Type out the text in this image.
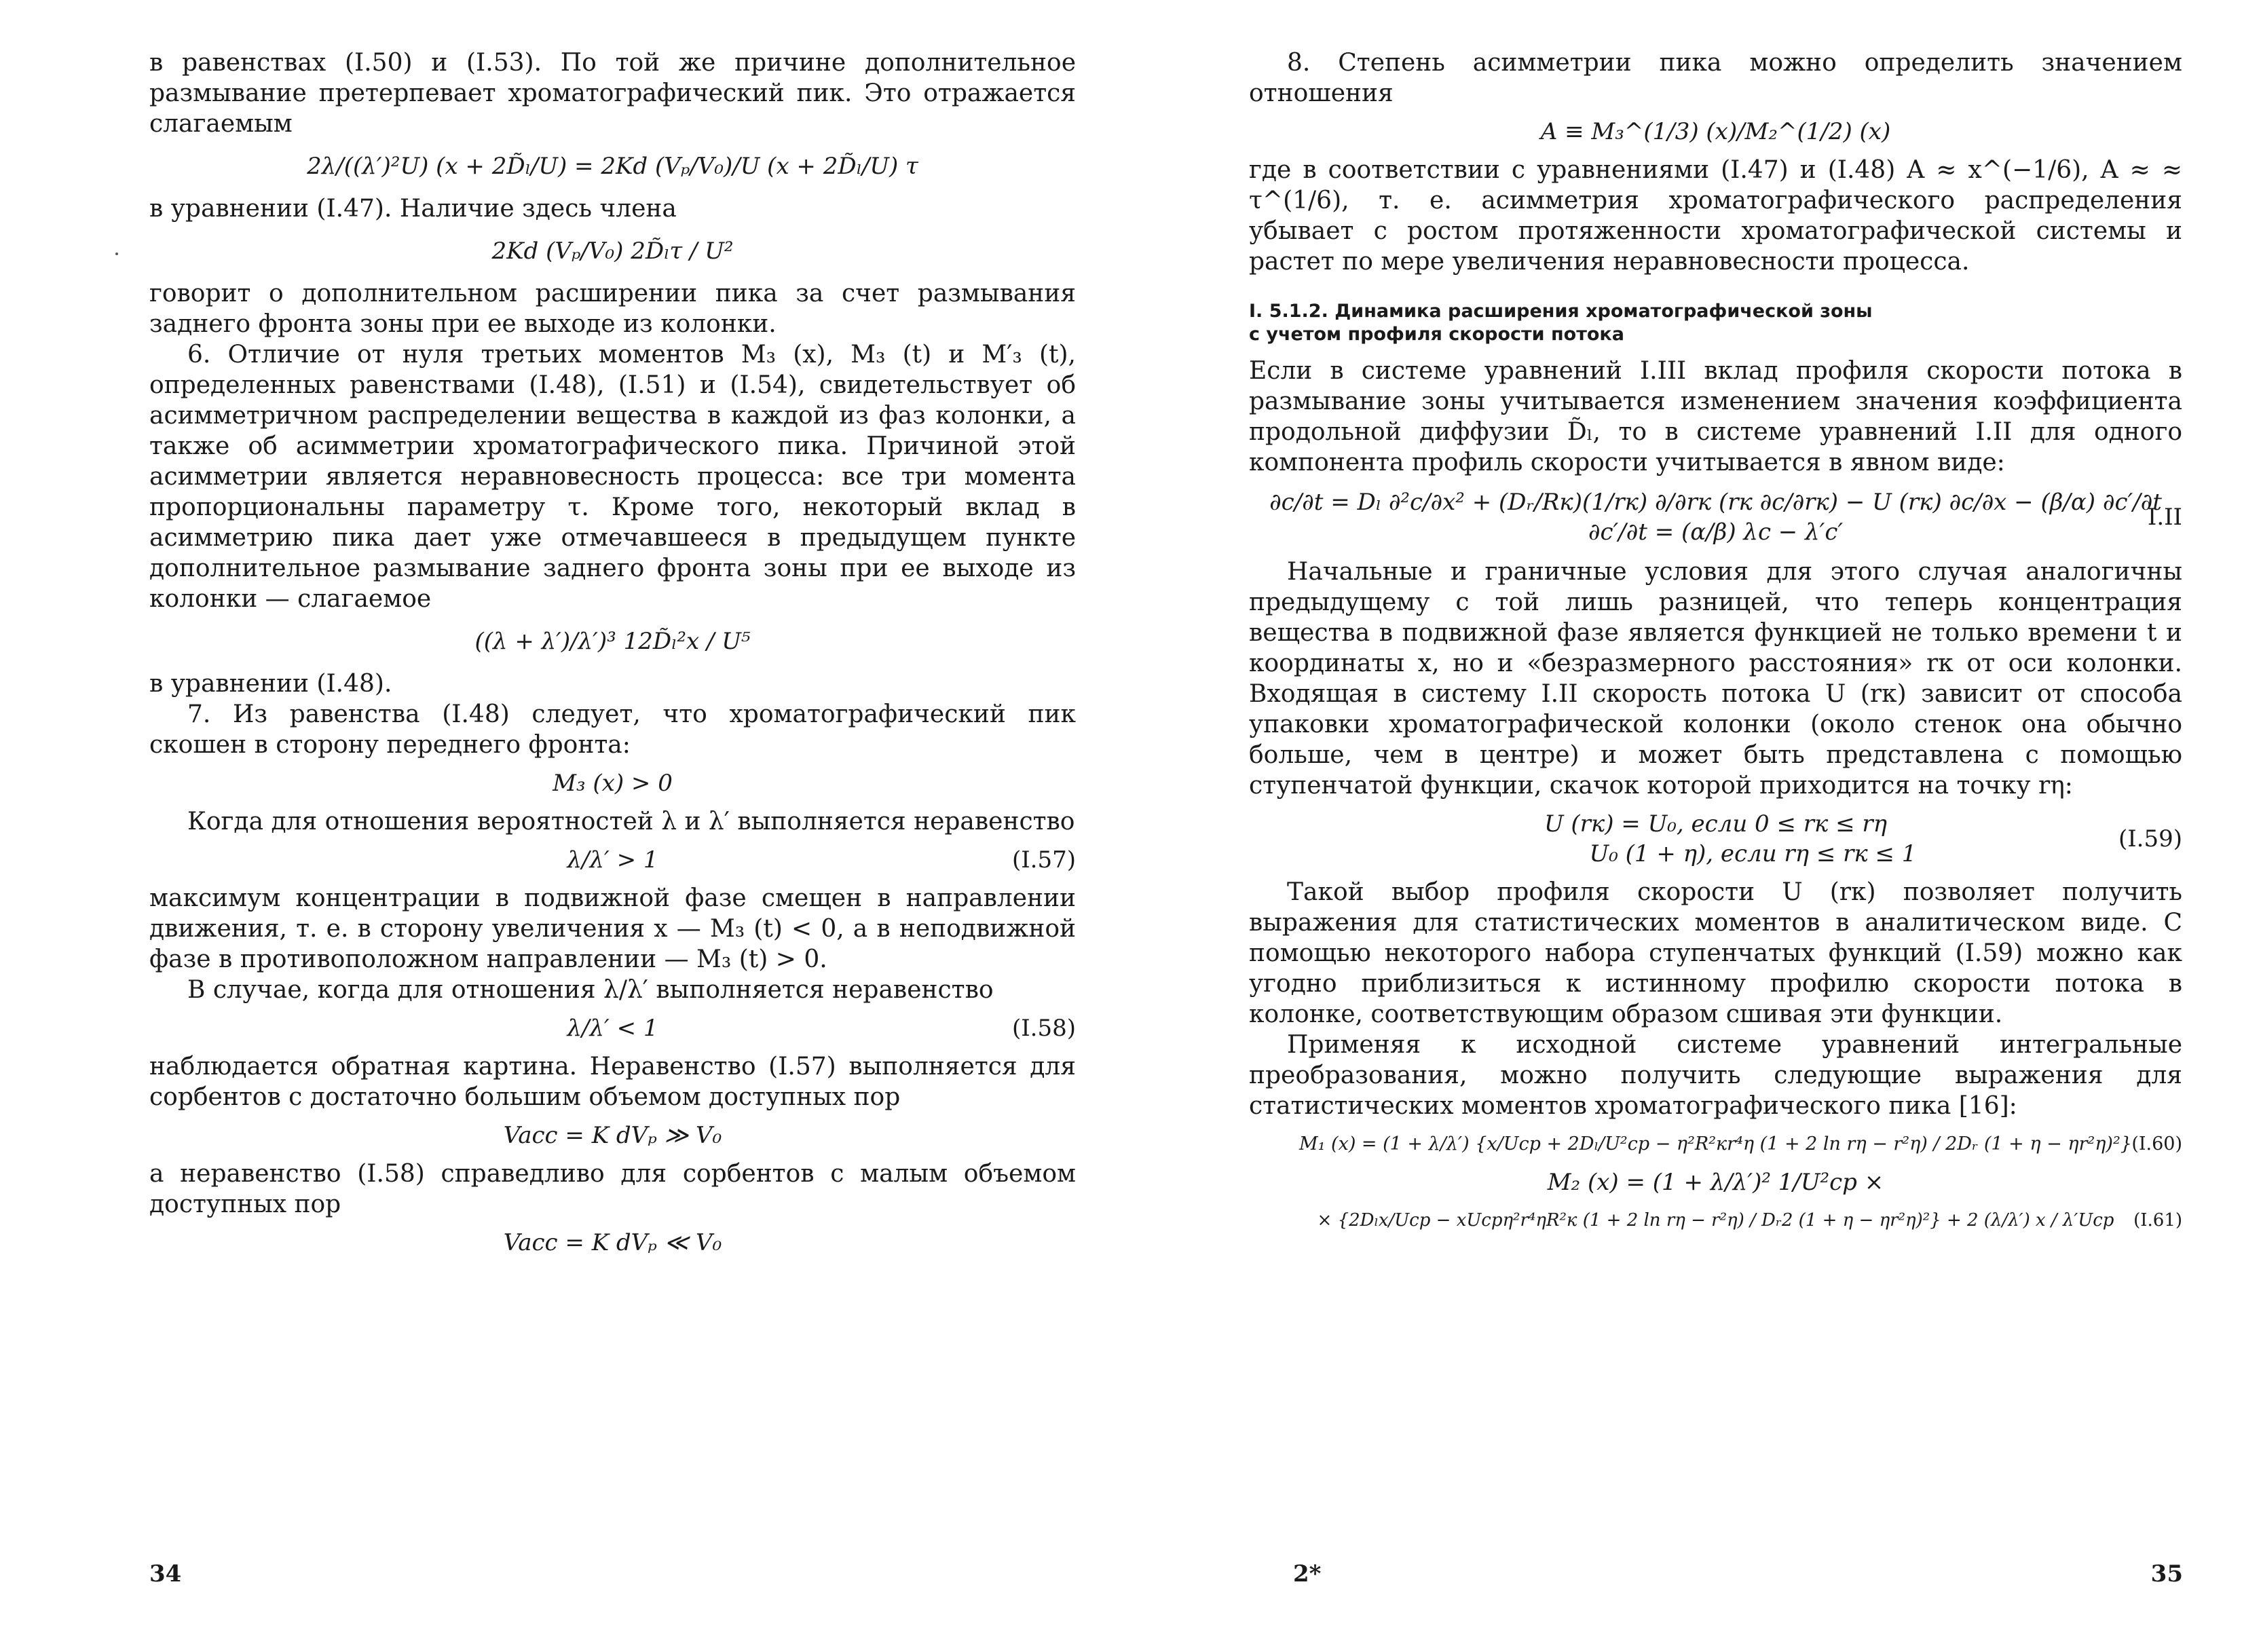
в равенствах (I.50) и (I.53). По той же причине дополнительное размывание претерпевает хроматографический пик. Это отражается слагаемым

2λ/((λ′)²U) (x + 2D̃ₗ/U) = 2Kd (Vₚ/V₀)/U (x + 2D̃ₗ/U) τ

в уравнении (I.47). Наличие здесь члена

2Kd (Vₚ/V₀) 2D̃ₗτ / U²

говорит о дополнительном расширении пика за счет размывания заднего фронта зоны при ее выходе из колонки.

6. Отличие от нуля третьих моментов M₃ (x), M₃ (t) и M′₃ (t), определенных равенствами (I.48), (I.51) и (I.54), свидетельствует об асимметричном распределении вещества в каждой из фаз колонки, а также об асимметрии хроматографического пика. Причиной этой асимметрии является неравновесность процесса: все три момента пропорциональны параметру τ. Кроме того, некоторый вклад в асимметрию пика дает уже отмечавшееся в предыдущем пункте дополнительное размывание заднего фронта зоны при ее выходе из колонки — слагаемое

((λ + λ′)/λ′)³ 12D̃ₗ²x / U⁵

в уравнении (I.48).

7. Из равенства (I.48) следует, что хроматографический пик скошен в сторону переднего фронта:

M₃ (x) > 0

Когда для отношения вероятностей λ и λ′ выполняется неравенство

λ/λ′ > 1	(I.57)

максимум концентрации в подвижной фазе смещен в направлении движения, т. е. в сторону увеличения x — M₃ (t) < 0, а в неподвижной фазе в противоположном направлении — M₃ (t) > 0.

В случае, когда для отношения λ/λ′ выполняется неравенство

λ/λ′ < 1	(I.58)

наблюдается обратная картина. Неравенство (I.57) выполняется для сорбентов с достаточно большим объемом доступных пор

Vacc = K dVₚ ≫ V₀

а неравенство (I.58) справедливо для сорбентов с малым объемом доступных пор

Vacc = K dVₚ ≪ V₀
34

8. Степень асимметрии пика можно определить значением отношения

A ≡ M₃^(1/3) (x)/M₂^(1/2) (x)

где в соответствии с уравнениями (I.47) и (I.48) A ≈ x^(−1/6), A ≈ ≈ τ^(1/6), т. е. асимметрия хроматографического распределения убывает с ростом протяженности хроматографической системы и растет по мере увеличения неравновесности процесса.

I. 5.1.2. Динамика расширения хроматографической зоны
с учетом профиля скорости потока

Если в системе уравнений I.III вклад профиля скорости потока в размывание зоны учитывается изменением значения коэффициента продольной диффузии D̃ₗ, то в системе уравнений I.II для одного компонента профиль скорости учитывается в явном виде:

∂c/∂t = Dₗ ∂²c/∂x² + (Dᵣ/Rк)(1/rк) ∂/∂rк (rк ∂c/∂rк) − U (rк) ∂c/∂x − (β/α) ∂c′/∂t
∂c′/∂t = (α/β) λc − λ′c′
I.II

Начальные и граничные условия для этого случая аналогичны предыдущему с той лишь разницей, что теперь концентрация вещества в подвижной фазе является функцией не только времени t и координаты x, но и «безразмерного расстояния» rк от оси колонки. Входящая в систему I.II скорость потока U (rк) зависит от способа упаковки хроматографической колонки (около стенок она обычно больше, чем в центре) и может быть представлена с помощью ступенчатой функции, скачок которой приходится на точку rη:

U (rк) = U₀, если 0 ≤ rк ≤ rη
U₀ (1 + η), если rη ≤ rк ≤ 1
(I.59)

Такой выбор профиля скорости U (rк) позволяет получить выражения для статистических моментов в аналитическом виде. С помощью некоторого набора ступенчатых функций (I.59) можно как угодно приблизиться к истинному профилю скорости потока в колонке, соответствующим образом сшивая эти функции.

Применяя к исходной системе уравнений интегральные преобразования, можно получить следующие выражения для статистических моментов хроматографического пика [16]:

M₁ (x) = (1 + λ/λ′) {x/Uср + 2Dₗ/U²ср − η²R²кr⁴η (1 + 2 ln rη − r²η) / 2Dᵣ (1 + η − ηr²η)²} (I.60)
M₂ (x) = (1 + λ/λ′)² 1/U²ср ×
× {2Dₗx/Uср − xUсрη²r⁴ηR²к (1 + 2 ln rη − r²η) / Dᵣ2 (1 + η − ηr²η)²} + 2 (λ/λ′) x / λ′Uср (I.61)
2*	35
